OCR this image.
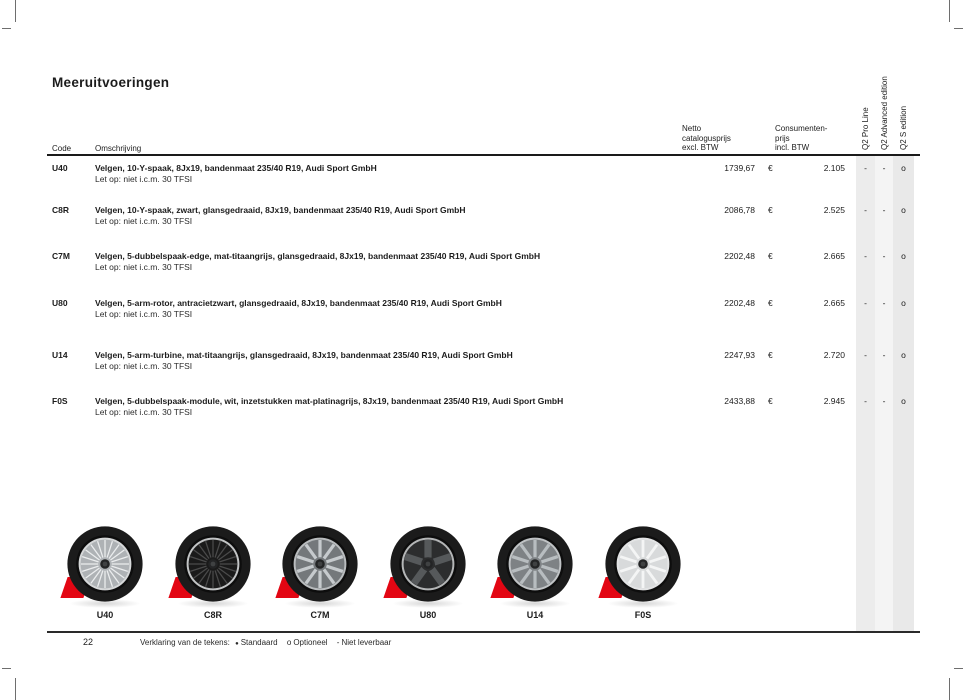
Meeruitvoeringen
Code	Omschrijving
Netto
catalogusprijs
excl. BTW
Consumenten-
prijs
incl. BTW	Q2 Pro Line Q2 Advanced edition Q2 S edition
U40	Velgen, 10-Y-spaak, 8Jx19, bandenmaat 235/40 R19, Audi Sport GmbH
Let op: niet i.c.m. 30 TFSI
1739,67 €	2.105	-	-	o
C8R	Velgen, 10-Y-spaak, zwart, glansgedraaid, 8Jx19, bandenmaat 235/40 R19, Audi Sport GmbH
Let op: niet i.c.m. 30 TFSI
2086,78 €	2.525	-	-	o
C7M	Velgen, 5-dubbelspaak-edge, mat-titaangrijs, glansgedraaid, 8Jx19, bandenmaat 235/40 R19, Audi Sport GmbH
Let op: niet i.c.m. 30 TFSI
2202,48 €	2.665	-	-	o
U80	Velgen, 5-arm-rotor, antracietzwart, glansgedraaid, 8Jx19, bandenmaat 235/40 R19, Audi Sport GmbH
Let op: niet i.c.m. 30 TFSI
2202,48 €	2.665	-	-	o
U14	Velgen, 5-arm-turbine, mat-titaangrijs, glansgedraaid, 8Jx19, bandenmaat 235/40 R19, Audi Sport GmbH
Let op: niet i.c.m. 30 TFSI
2247,93 €	2.720	-	-	o
F0S	Velgen, 5-dubbelspaak-module, wit, inzetstukken mat-platinagrijs, 8Jx19, bandenmaat 235/40 R19, Audi Sport GmbH
Let op: niet i.c.m. 30 TFSI
2433,88 €	2.945	-	-	o
U40	C8R	C7M	U80	U14	F0S
22	Verklaring van de tekens: ● Standaard o Optioneel - Niet leverbaar
